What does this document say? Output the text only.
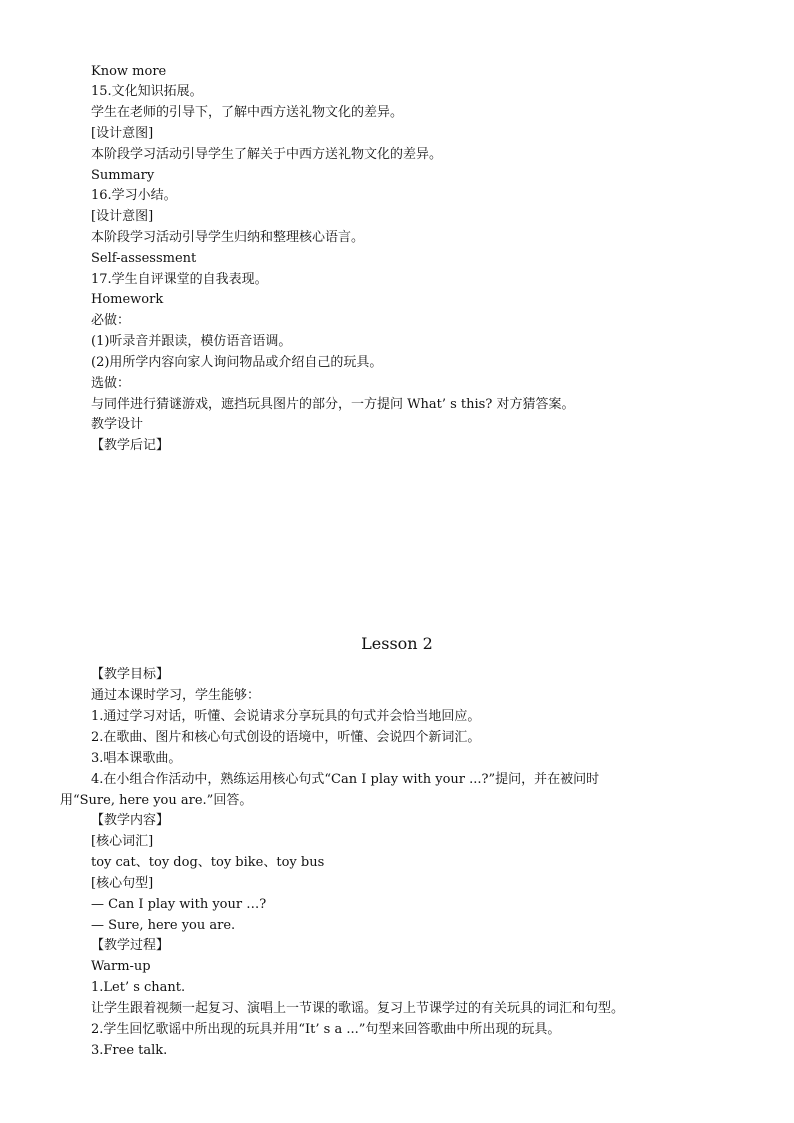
Know more
15.文化知识拓展。
学生在老师的引导下，了解中西方送礼物文化的差异。
[设计意图]
本阶段学习活动引导学生了解关于中西方送礼物文化的差异。
Summary
16.学习小结。
[设计意图]
本阶段学习活动引导学生归纳和整理核心语言。
Self-assessment
17.学生自评课堂的自我表现。
Homework
必做：
(1)听录音并跟读，模仿语音语调。
(2)用所学内容向家人询问物品或介绍自己的玩具。
选做：
与同伴进行猜谜游戏，遮挡玩具图片的部分，一方提问 What’ s this? 对方猜答案。
教学设计
【教学后记】
Lesson 2
【教学目标】
通过本课时学习，学生能够：
1.通过学习对话，听懂、会说请求分享玩具的句式并会恰当地回应。
2.在歌曲、图片和核心句式创设的语境中，听懂、会说四个新词汇。
3.唱本课歌曲。
4.在小组合作活动中，熟练运用核心句式“Can I play with your ...?”提问，并在被问时
用“Sure, here you are.”回答。
【教学内容】
[核心词汇]
toy cat、toy dog、toy bike、toy bus
[核心句型]
— Can I play with your …?
— Sure, here you are.
【教学过程】
Warm-up
1.Let’ s chant.
让学生跟着视频一起复习、演唱上一节课的歌谣。复习上节课学过的有关玩具的词汇和句型。
2.学生回忆歌谣中所出现的玩具并用“It’ s a ...”句型来回答歌曲中所出现的玩具。
3.Free talk.
